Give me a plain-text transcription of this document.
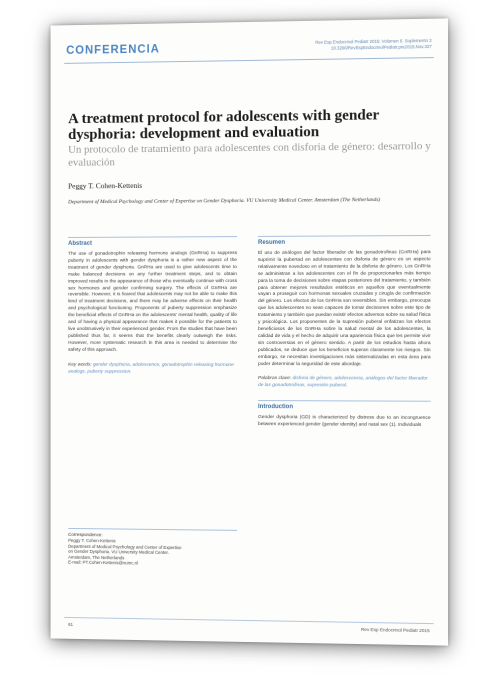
CONFERENCIA
Rev Esp Endocrinol Pediatr 2015; Volumen 6. Suplemento 2
10.3266/RevEspEndocrinolPediatr.pre2015.Nov.327
A treatment protocol for adolescents with gender dysphoria: development and evaluation
Un protocolo de tratamiento para adolescentes con disforia de género: desarrollo y evaluación
Peggy T. Cohen-Kettenis
Department of Medical Psychology and Center of Expertise on Gender Dysphoria. VU University Medical Center. Amsterdam (The Netherlands)
Abstract

The use of gonadotrophin releasing hormone analogs (GnRHa) to suppress puberty in adolescents with gender dysphoria is a rather new aspect of the treatment of gender dysphoria. GnRHa are used to give adolescents time to make balanced decisions on any further treatment steps, and to obtain improved results in the appearance of those who eventually continue with cross sex hormones and gender confirming surgery. The effects of GnRHa are reversible. However, it is feared that adolescents may not be able to make this kind of treatment decisions, and there may be adverse effects on their health and psychological functioning. Proponents of puberty suppression emphasize the beneficial effects of GnRHa on the adolescents' mental health, quality of life and of having a physical appearance that makes it possible for the patients to live unobtrusively in their experienced gender. From the studies that have been published thus far, it seems that the benefits clearly outweigh the risks. However, more systematic research in this area is needed to determine the safety of this approach.

Key words: gender dysphoria, adolescence, gonadotrophin releasing hormone analogs, puberty suppression.
Resumen

El uso de análogos del factor liberador de las gonadotrofinas (GnRHa) para suprimir la pubertad en adolescentes con disforia de género es un aspecto relativamente novedoso en el tratamiento de la disforia de género. Los GnRHa se administran a los adolescentes con el fin de proporcionarles más tiempo para la toma de decisiones sobre etapas posteriores del tratamiento, y también para obtener mejores resultados estéticos en aquellos que eventualmente vayan a proseguir con hormonas sexuales cruzadas y cirugía de confirmación del género. Los efectos de los GnRHa son reversibles. Sin embargo, preocupa que los adolescentes no sean capaces de tomar decisiones sobre este tipo de tratamiento y también que puedan existir efectos adversos sobre su salud física y psicológica. Los proponentes de la supresión puberal enfatizan los efectos beneficiosos de los GnRHa sobre la salud mental de los adolescentes, la calidad de vida y el hecho de adquirir una apariencia física que les permite vivir sin controversias en el género sentido. A partir de los estudios hasta ahora publicados, se deduce que los beneficios superan claramente los riesgos. Sin embargo, se necesitan investigaciones más sistematizadas en esta área para poder determinar la seguridad de este abordaje.

Palabras clave: disforia de género, adolescencia, análogos del factor liberador de las gonadotrofinas, supresión puberal.
Introduction

Gender dysphoria (GD) is characterized by distress due to an incongruence between experienced gender (gender identity) and natal sex (1). Individuals

Correspondence:
Peggy T. Cohen-Kettenis
Department of Medical Psychology and Center of Expertise
on Gender Dysphoria. VU University Medical Center.
Amsterdam, The Netherlands
E-mail: PT.Cohen-Kettenis@vumc.nl
61
Rev Esp Endocrinol Pediatr 2015
